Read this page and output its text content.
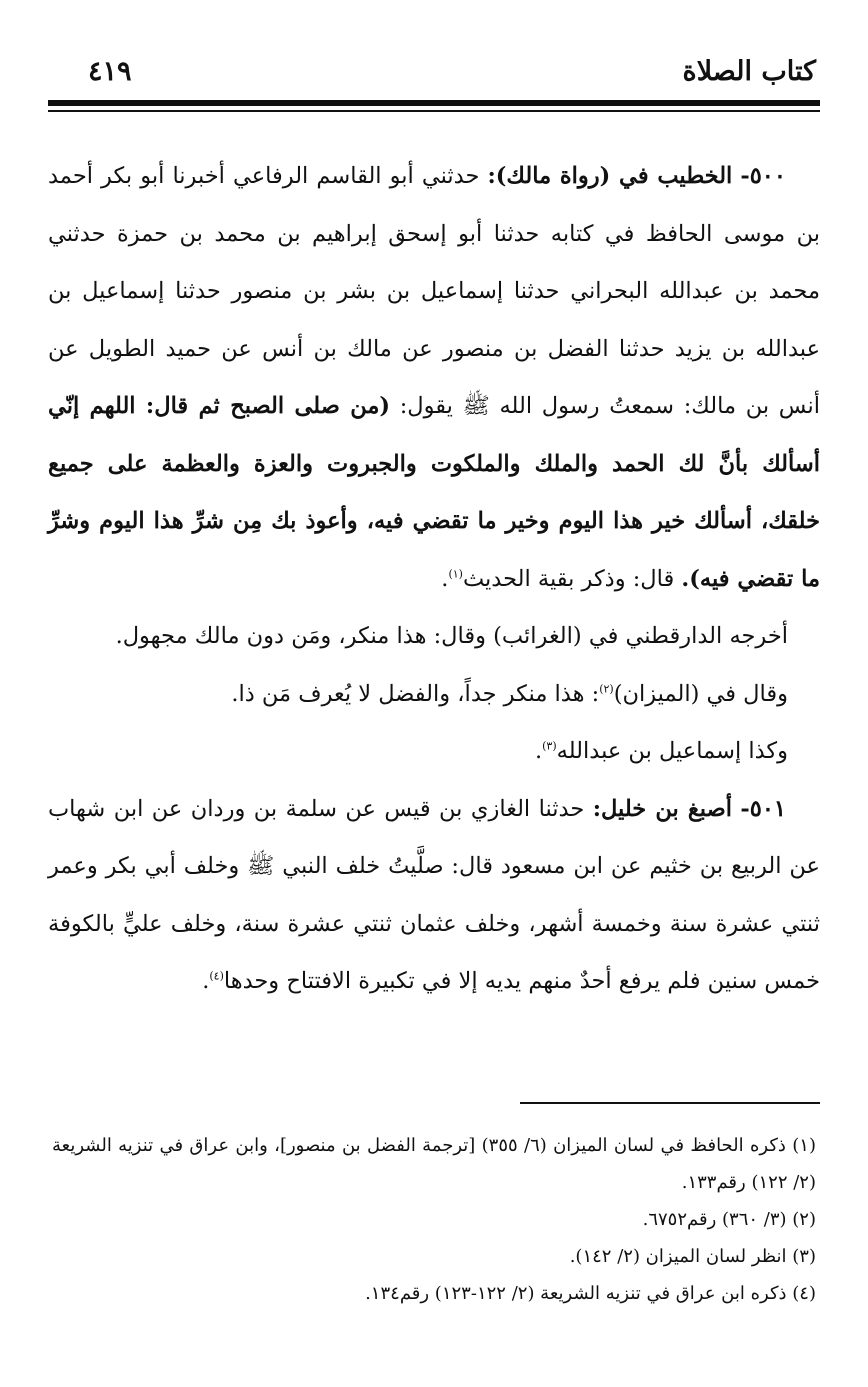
كتاب الصلاة
٤١٩

٥٠٠- الخطيب في (رواة مالك): حدثني أبو القاسم الرفاعي أخبرنا أبو بكر أحمد بن موسى الحافظ في كتابه حدثنا أبو إسحق إبراهيم بن محمد بن حمزة حدثني محمد بن عبدالله البحراني حدثنا إسماعيل بن بشر بن منصور حدثنا إسماعيل بن عبدالله بن يزيد حدثنا الفضل بن منصور عن مالك بن أنس عن حميد الطويل عن أنس بن مالك: سمعتُ رسول الله ﷺ يقول: (من صلى الصبح ثم قال: اللهم إنّي أسألك بأنَّ لك الحمد والملك والملكوت والجبروت والعزة والعظمة على جميع خلقك، أسألك خير هذا اليوم وخير ما تقضي فيه، وأعوذ بك مِن شرِّ هذا اليوم وشرِّ ما تقضي فيه). قال: وذكر بقية الحديث$^{(١)}$.

أخرجه الدارقطني في (الغرائب) وقال: هذا منكر، ومَن دون مالك مجهول.

وقال في (الميزان)$^{(٢)}$: هذا منكر جداً، والفضل لا يُعرف مَن ذا.

وكذا إسماعيل بن عبدالله$^{(٣)}$.

٥٠١- أصبغ بن خليل: حدثنا الغازي بن قيس عن سلمة بن وردان عن ابن شهاب عن الربيع بن خثيم عن ابن مسعود قال: صلَّيتُ خلف النبي ﷺ وخلف أبي بكر وعمر ثنتي عشرة سنة وخمسة أشهر، وخلف عثمان ثنتي عشرة سنة، وخلف عليٍّ بالكوفة خمس سنين فلم يرفع أحدٌ منهم يديه إلا في تكبيرة الافتتاح وحدها$^{(٤)}$.

(١) ذكره الحافظ في لسان الميزان (٦/ ٣٥٥) [ترجمة الفضل بن منصور]، وابن عراق في تنزيه الشريعة (٢/ ١٢٢) رقم١٣٣.

(٢) (٣/ ٣٦٠) رقم٦٧٥٢.

(٣) انظر لسان الميزان (٢/ ١٤٢).

(٤) ذكره ابن عراق في تنزيه الشريعة (٢/ ١٢٢-١٢٣) رقم١٣٤.
